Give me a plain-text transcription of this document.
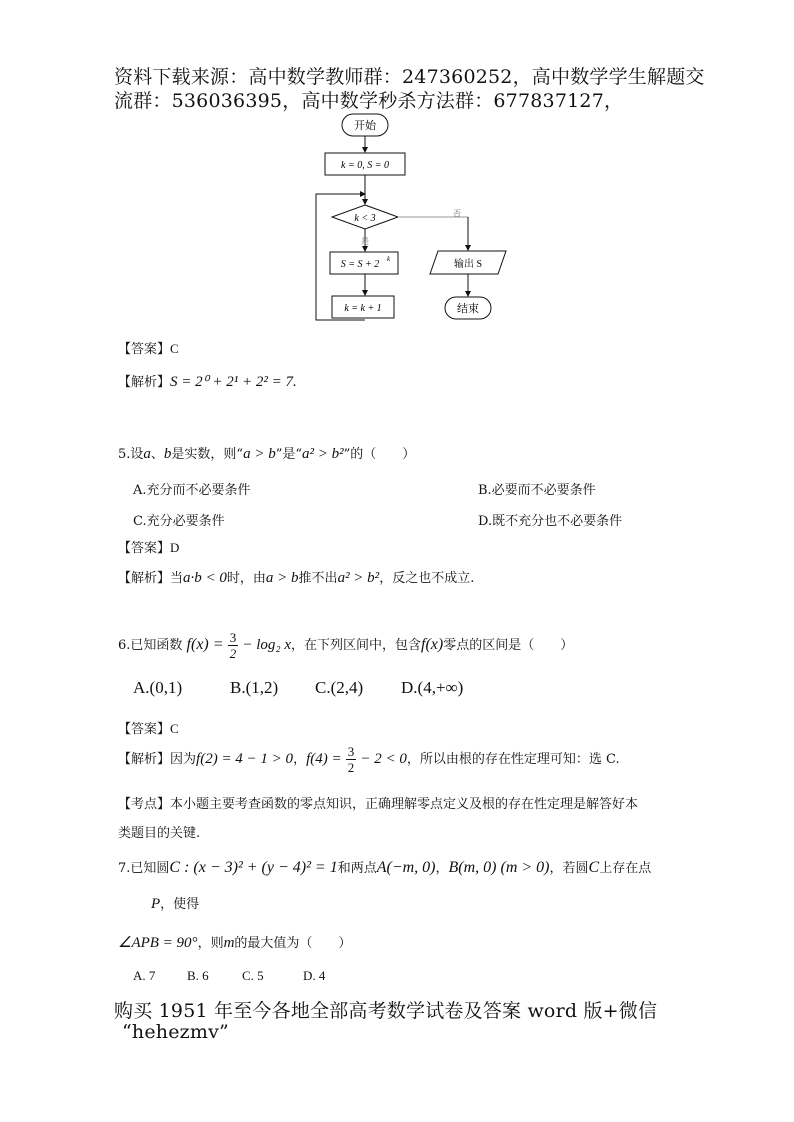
资料下载来源：高中数学教师群：247360252，高中数学学生解题交
流群：536036395，高中数学秒杀方法群：677837127，
开始
k = 0, S = 0
k < 3	否
是
S = S + 2 k
k = k + 1
输出 S
结束
【答案】C
【解析】S = 2⁰ + 2¹ + 2² = 7.
5.设a、b是实数，则“a > b”是“a² > b²”的（　　）
A.充分而不必要条件	B.必要而不必要条件
C.充分必要条件	D.既不充分也不必要条件
【答案】D
【解析】当a·b < 0时，由a > b推不出a² > b²，反之也不成立.
6.已知函数 $f(x) = \frac{3}{2} - \log_2$ x，在下列区间中，包含f(x)零点的区间是（　　）
A.(0,1)	B.(1,2) C.(2,4) D.(4,+∞)
【答案】C
【解析】因为f(2) = 4 − 1 > 0，$f(4) = \frac{3}{2} - 2 < 0$，所以由根的存在性定理可知：选 C.
【考点】本小题主要考查函数的零点知识，正确理解零点定义及根的存在性定理是解答好本
类题目的关键.
7.已知圆C : (x − 3)² + (y − 4)² = 1和两点A(−m, 0)，B(m, 0) (m > 0)，若圆C上存在点
P，使得
∠APB = 90°，则m的最大值为（　　）
A. 7 B. 6	C. 5	D. 4
购买 1951 年至今各地全部高考数学试卷及答案 word 版+微信
“hehezmv”
